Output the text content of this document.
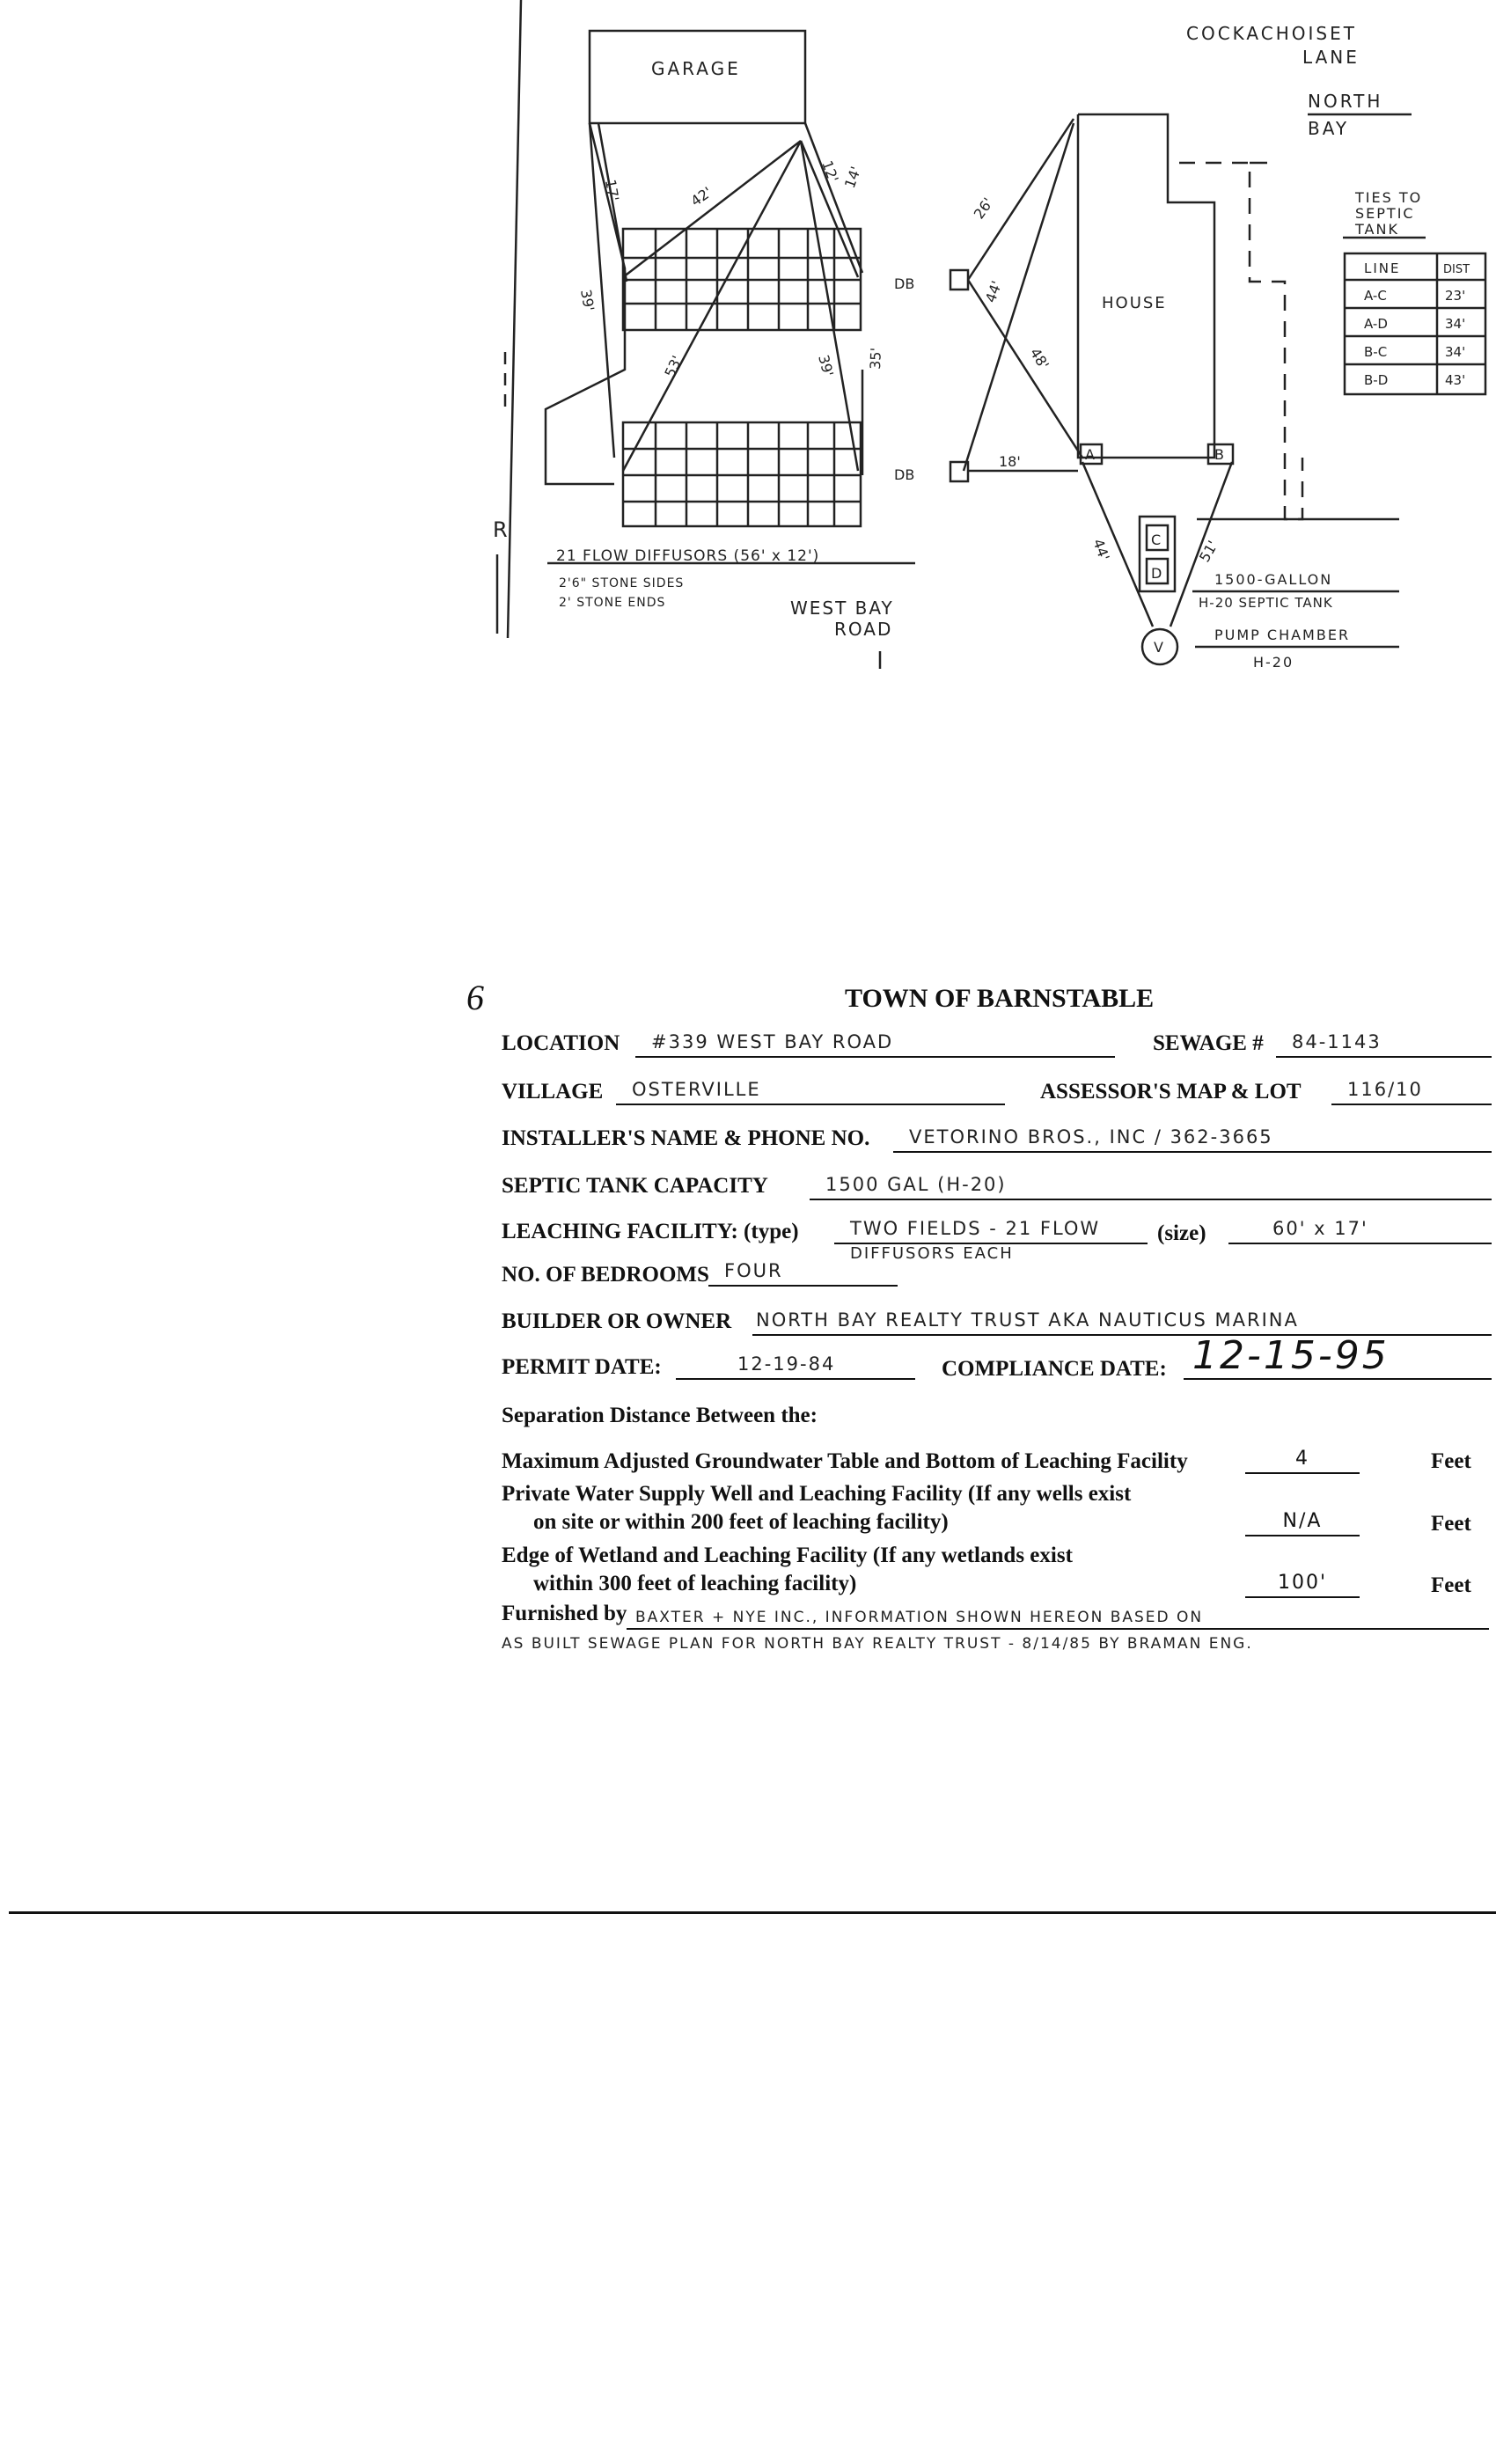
GARAGE
HOUSE
DB
DB
A	B
C
D
V
R
17'	42'
12' 14'
39'
53'	39' 35'
26'
44'
48'
18'
44'	51'
21 FLOW DIFFUSORS (56' x 12')
2'6" STONE SIDES
2' STONE ENDS	WEST BAY
ROAD
1500-GALLON
H-20 SEPTIC TANK
PUMP CHAMBER
H-20
COCKACHOISET
LANE
NORTH
BAY
TIES TO
SEPTIC
TANK
LINE	DIST
A-C	23'
A-D	34'
B-C	34'
B-D	43'
6	TOWN OF BARNSTABLE
LOCATION #339 WEST BAY ROAD	SEWAGE # 84-1143
VILLAGE OSTERVILLE	ASSESSOR'S MAP & LOT 116/10
INSTALLER'S NAME & PHONE NO. VETORINO BROS., INC / 362-3665
SEPTIC TANK CAPACITY	1500 GAL (H-20)
LEACHING FACILITY: (type)	TWO FIELDS - 21 FLOW
DIFFUSORS EACH
(size)	60' x 17'
NO. OF BEDROOMS FOUR
BUILDER OR OWNER NORTH BAY REALTY TRUST AKA NAUTICUS MARINA
PERMIT DATE:	12-19-84	COMPLIANCE DATE: 12-15-95
Separation Distance Between the:
Maximum Adjusted Groundwater Table and Bottom of Leaching Facility	4	Feet
Private Water Supply Well and Leaching Facility (If any wells exist
on site or within 200 feet of leaching facility)	N/A	Feet
Edge of Wetland and Leaching Facility (If any wetlands exist
within 300 feet of leaching facility)	100'	Feet
Furnished by BAXTER + NYE INC., INFORMATION SHOWN HEREON BASED ON
AS BUILT SEWAGE PLAN FOR NORTH BAY REALTY TRUST - 8/14/85 BY BRAMAN ENG.
